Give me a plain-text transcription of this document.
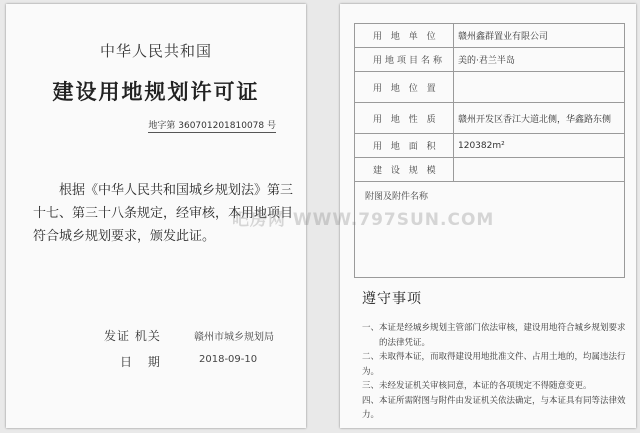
中华人民共和国
建设用地规划许可证
地字第 360701201810078 号
根据《中华人民共和国城乡规划法》第三十七、第三十八条规定，经审核，本用地项目符合城乡规划要求，颁发此证。
发证 机关	赣州市城乡规划局
日 期	2018-09-10
用 地 单 位	赣州鑫群置业有限公司
用地项目名称	美的·君兰半岛
用 地 位 置	
用 地 性 质	赣州开发区香江大道北侧，华鑫路东侧
用 地 面 积	120382m²
建 设 规 模	
附图及附件名称	
遵守事项
一、本证是经城乡规划主管部门依法审核，建设用地符合城乡规划要求
　　的法律凭证。
二、未取得本证，而取得建设用地批准文件、占用土地的，均属违法行为。
三、未经发证机关审核同意，本证的各项规定不得随意变更。
四、本证所需附图与附件由发证机关依法确定，与本证具有同等法律效力。
吧房网 WWW.797SUN.COM
